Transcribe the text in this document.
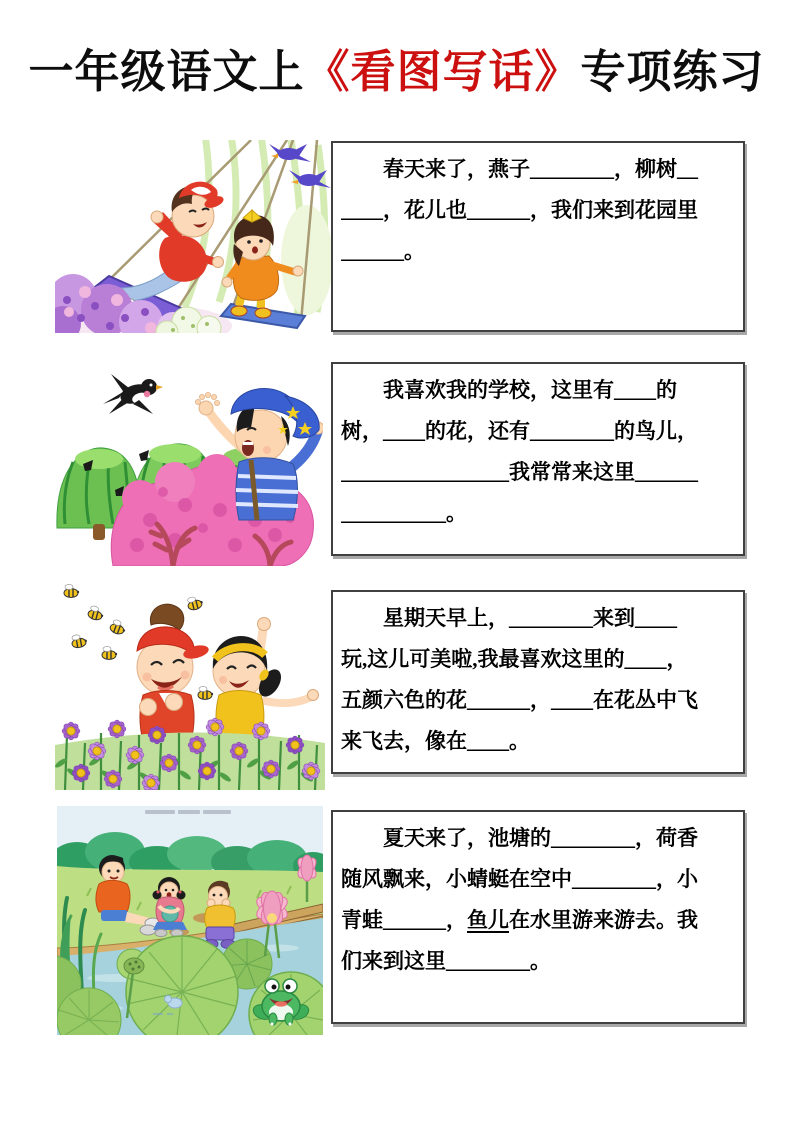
一年级语文上《看图写话》专项练习
春天来了，燕子________，柳树__
____，花儿也______，我们来到花园里
______。
我喜欢我的学校，这里有____的
树，____的花，还有________的鸟儿，
________________我常常来这里______
__________。
星期天早上，________来到____
玩,这儿可美啦,我最喜欢这里的____，
五颜六色的花______，____在花丛中飞
来飞去，像在____。
夏天来了，池塘的________，荷香
随风飘来，小蜻蜓在空中________，小
青蛙______，鱼儿在水里游来游去。我
们来到这里________。
